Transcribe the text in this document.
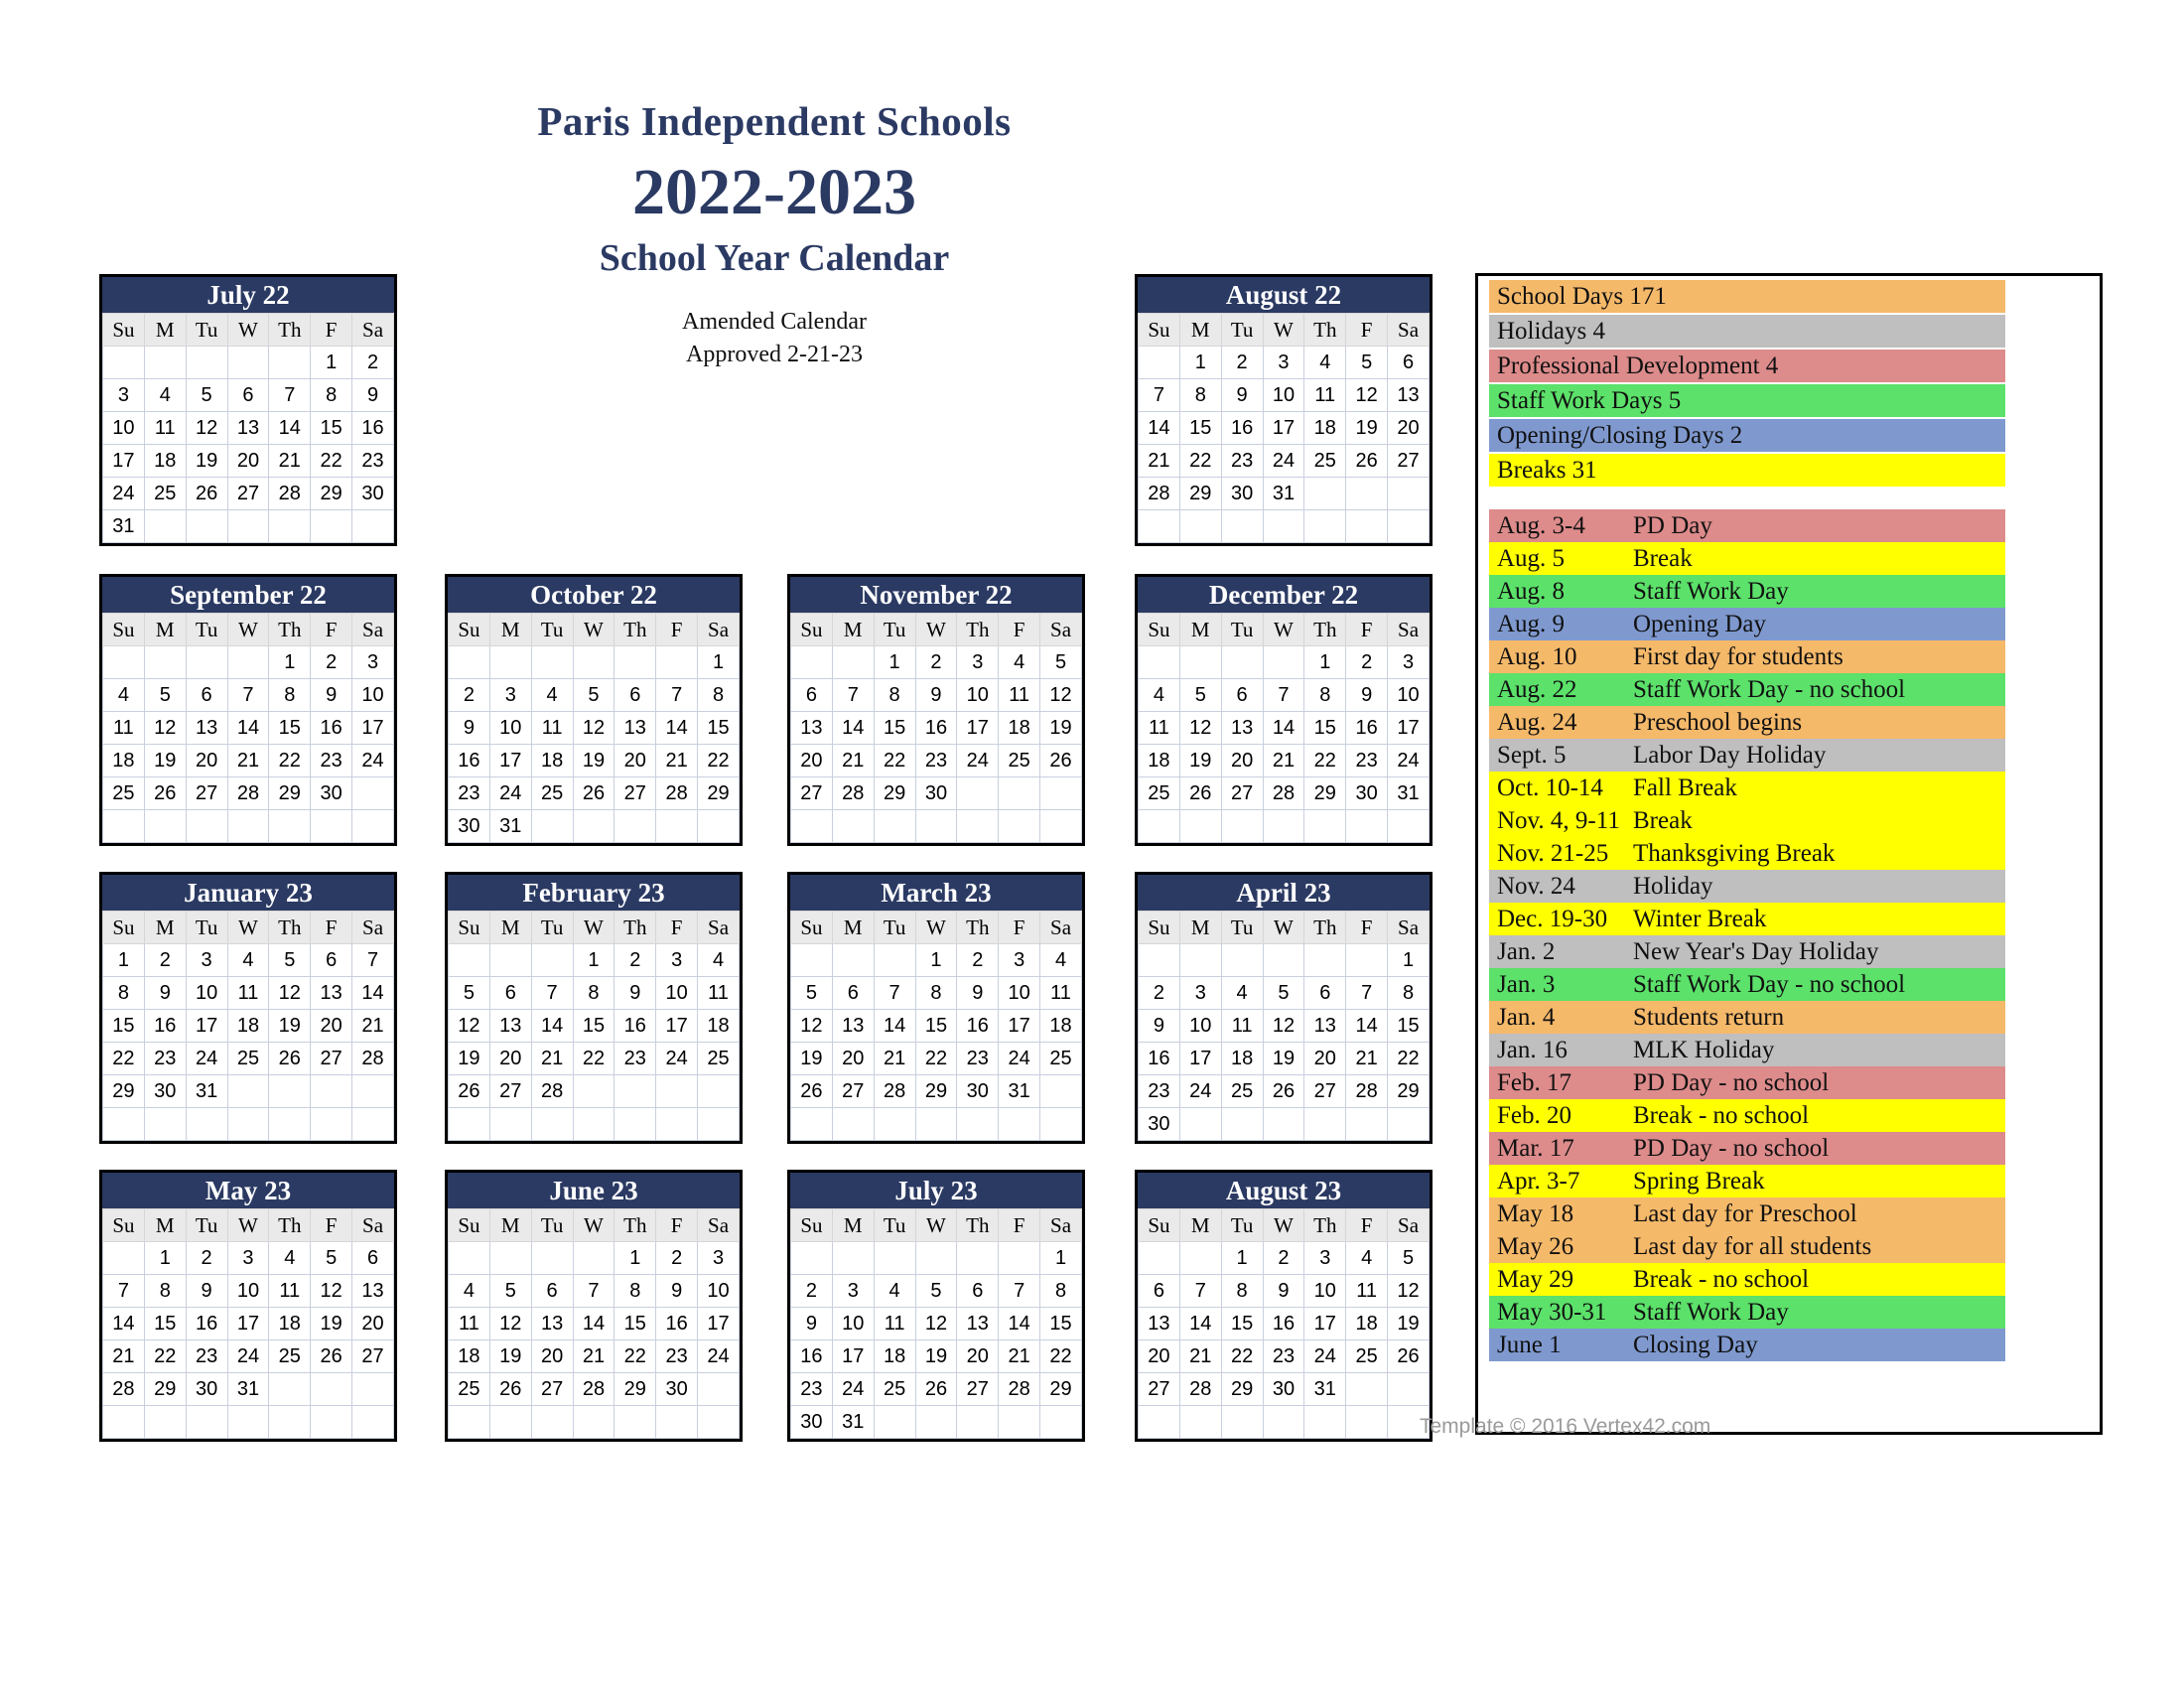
Paris Independent Schools
2022-2023
School Year Calendar
Amended Calendar
Approved 2-21-23
July 22
Su	M	Tu	W	Th	F	Sa
					1	2
3	4	5	6	7	8	9
10	11	12	13	14	15	16
17	18	19	20	21	22	23
24	25	26	27	28	29	30
31						
August 22
Su	M	Tu	W	Th	F	Sa
	1	2	3	4	5	6
7	8	9	10	11	12	13
14	15	16	17	18	19	20
21	22	23	24	25	26	27
28	29	30	31			

September 22
Su	M	Tu	W	Th	F	Sa
				1	2	3
4	5	6	7	8	9	10
11	12	13	14	15	16	17
18	19	20	21	22	23	24
25	26	27	28	29	30	

October 22
Su	M	Tu	W	Th	F	Sa
						1
2	3	4	5	6	7	8
9	10	11	12	13	14	15
16	17	18	19	20	21	22
23	24	25	26	27	28	29
30	31					
November 22
Su	M	Tu	W	Th	F	Sa
		1	2	3	4	5
6	7	8	9	10	11	12
13	14	15	16	17	18	19
20	21	22	23	24	25	26
27	28	29	30			

December 22
Su	M	Tu	W	Th	F	Sa
				1	2	3
4	5	6	7	8	9	10
11	12	13	14	15	16	17
18	19	20	21	22	23	24
25	26	27	28	29	30	31

January 23
Su	M	Tu	W	Th	F	Sa
1	2	3	4	5	6	7
8	9	10	11	12	13	14
15	16	17	18	19	20	21
22	23	24	25	26	27	28
29	30	31				

February 23
Su	M	Tu	W	Th	F	Sa
			1	2	3	4
5	6	7	8	9	10	11
12	13	14	15	16	17	18
19	20	21	22	23	24	25
26	27	28				

March 23
Su	M	Tu	W	Th	F	Sa
			1	2	3	4
5	6	7	8	9	10	11
12	13	14	15	16	17	18
19	20	21	22	23	24	25
26	27	28	29	30	31	

April 23
Su	M	Tu	W	Th	F	Sa
						1
2	3	4	5	6	7	8
9	10	11	12	13	14	15
16	17	18	19	20	21	22
23	24	25	26	27	28	29
30						
May 23
Su	M	Tu	W	Th	F	Sa
	1	2	3	4	5	6
7	8	9	10	11	12	13
14	15	16	17	18	19	20
21	22	23	24	25	26	27
28	29	30	31			

June 23
Su	M	Tu	W	Th	F	Sa
				1	2	3
4	5	6	7	8	9	10
11	12	13	14	15	16	17
18	19	20	21	22	23	24
25	26	27	28	29	30	

July 23
Su	M	Tu	W	Th	F	Sa
						1
2	3	4	5	6	7	8
9	10	11	12	13	14	15
16	17	18	19	20	21	22
23	24	25	26	27	28	29
30	31					
August 23
Su	M	Tu	W	Th	F	Sa
		1	2	3	4	5
6	7	8	9	10	11	12
13	14	15	16	17	18	19
20	21	22	23	24	25	26
27	28	29	30	31		

School Days 171
Holidays 4
Professional Development 4
Staff Work Days 5
Opening/Closing Days 2
Breaks 31
Aug. 3-4	PD Day
Aug. 5	Break
Aug. 8	Staff Work Day
Aug. 9	Opening Day
Aug. 10	First day for students
Aug. 22	Staff Work Day - no school
Aug. 24	Preschool begins
Sept. 5	Labor Day Holiday
Oct. 10-14	Fall Break
Nov. 4, 9-11 Break
Nov. 21-25 Thanksgiving Break
Nov. 24	Holiday
Dec. 19-30	Winter Break
Jan. 2	New Year's Day Holiday
Jan. 3	Staff Work Day - no school
Jan. 4	Students return
Jan. 16	MLK Holiday
Feb. 17	PD Day - no school
Feb. 20	Break - no school
Mar. 17	PD Day - no school
Apr. 3-7	Spring Break
May 18	Last day for Preschool
May 26	Last day for all students
May 29	Break - no school
May 30-31	Staff Work Day
June 1	Closing Day
Template © 2016 Vertex42.com
